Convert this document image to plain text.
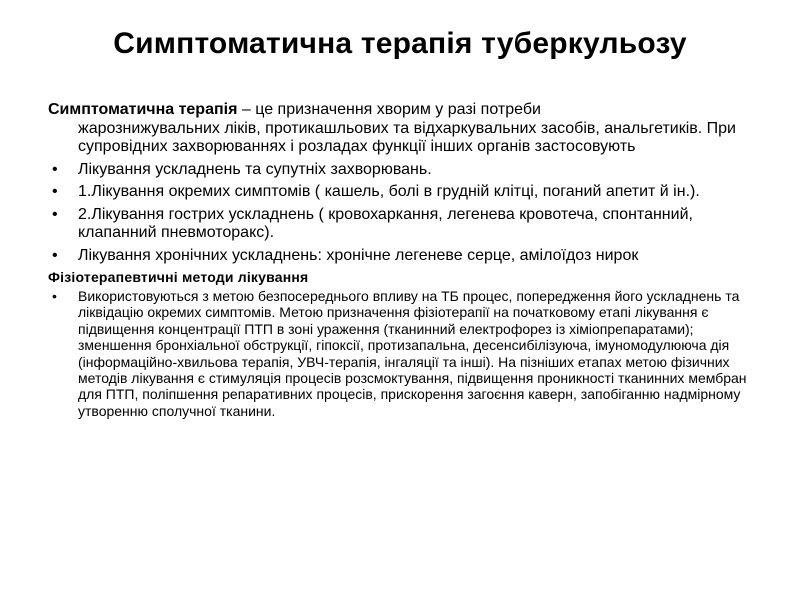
Симптоматична терапія туберкульозу

Симптоматична терапія – це призначення хворим у разі потреби
жарознижувальних ліків, протикашльових та відхаркувальних засобів, анальгетиків. При супровідних захворюваннях і розладах функції інших органів застосовують

• Лікування ускладнень та супутніх захворювань.
• 1.Лікування окремих симптомів ( кашель, болі в грудній клітці, поганий апетит й ін.).
• 2.Лікування гострих ускладнень ( кровохаркання, легенева кровотеча, спонтанний, клапанний пневмоторакс).
• Лікування хронічних ускладнень: хронічне легеневе серце, амілоїдоз нирок

Фізіотерапевтичні методи лікування

• Використовуються з метою безпосереднього впливу на ТБ процес, попередження його ускладнень та ліквідацію окремих симптомів. Метою призначення фізіотерапії на початковому етапі лікування є підвищення концентрації ПТП в зоні ураження (тканинний електрофорез із хіміопрепаратами); зменшення бронхіальної обструкції, гіпоксії, протизапальна, десенсибілізуюча, імуномодулююча дія (інформаційно-хвильова терапія, УВЧ-терапія, інгаляції та інші). На пізніших етапах метою фізичних методів лікування є стимуляція процесів розсмоктування, підвищення проникності тканинних мембран для ПТП, поліпшення репаративних процесів, прискорення загоєння каверн, запобіганню надмірному утворенню сполучної тканини.
